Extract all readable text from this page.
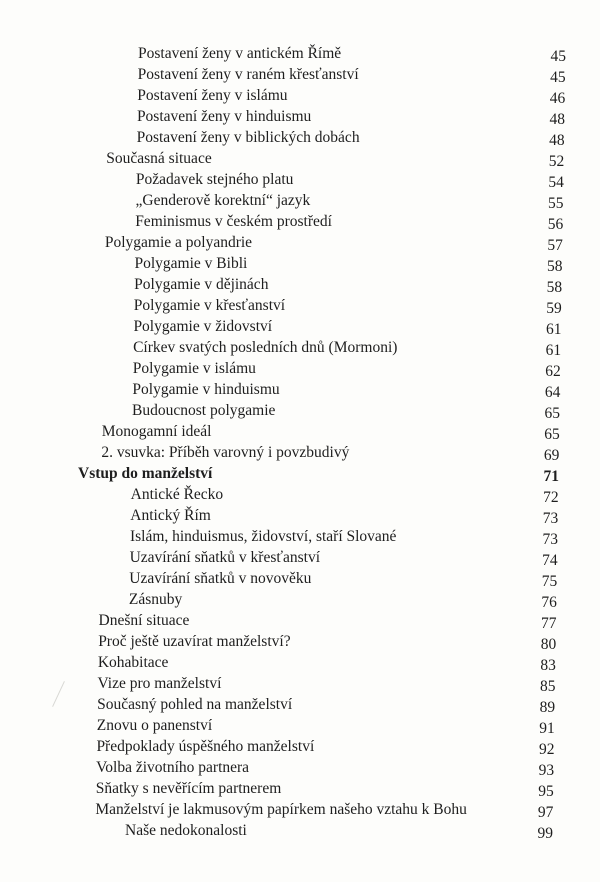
Postavení ženy v antickém Římě	45
Postavení ženy v raném křesťanství	45
Postavení ženy v islámu	46
Postavení ženy v hinduismu	48
Postavení ženy v biblických dobách	48
Současná situace	52
Požadavek stejného platu	54
„Genderově korektní“ jazyk	55
Feminismus v českém prostředí	56
Polygamie a polyandrie	57
Polygamie v Bibli	58
Polygamie v dějinách	58
Polygamie v křesťanství	59
Polygamie v židovství	61
Církev svatých posledních dnů (Mormoni)	61
Polygamie v islámu	62
Polygamie v hinduismu	64
Budoucnost polygamie	65
Monogamní ideál	65
2. vsuvka: Příběh varovný i povzbudivý	69
Vstup do manželství	71
Antické Řecko	72
Antický Řím	73
Islám, hinduismus, židovství, staří Slované	73
Uzavírání sňatků v křesťanství	74
Uzavírání sňatků v novověku	75
Zásnuby	76
Dnešní situace	77
Proč ještě uzavírat manželství?	80
Kohabitace	83
Vize pro manželství	85
Současný pohled na manželství	89
Znovu o panenství	91
Předpoklady úspěšného manželství	92
Volba životního partnera	93
Sňatky s nevěřícím partnerem	95
Manželství je lakmusovým papírkem našeho vztahu k Bohu	97
Naše nedokonalosti	99
